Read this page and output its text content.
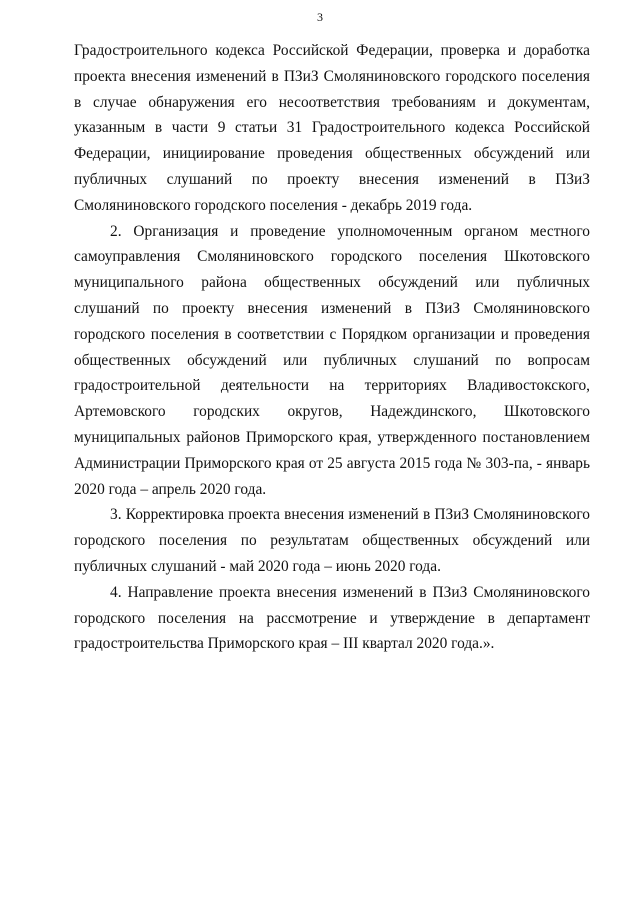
3

Градостроительного кодекса Российской Федерации, проверка и доработка проекта внесения изменений в ПЗиЗ Смоляниновского городского поселения в случае обнаружения его несоответствия требованиям и документам, указанным в части 9 статьи 31 Градостроительного кодекса Российской Федерации, инициирование проведения общественных обсуждений или публичных слушаний по проекту внесения изменений в ПЗиЗ Смоляниновского городского поселения - декабрь 2019 года.

2. Организация и проведение уполномоченным органом местного самоуправления Смоляниновского городского поселения Шкотовского муниципального района общественных обсуждений или публичных слушаний по проекту внесения изменений в ПЗиЗ Смоляниновского городского поселения в соответствии с Порядком организации и проведения общественных обсуждений или публичных слушаний по вопросам градостроительной деятельности на территориях Владивостокского, Артемовского городских округов, Надеждинского, Шкотовского муниципальных районов Приморского края, утвержденного постановлением Администрации Приморского края от 25 августа 2015 года № 303-па, - январь 2020 года – апрель 2020 года.

3. Корректировка проекта внесения изменений в ПЗиЗ Смоляниновского городского поселения по результатам общественных обсуждений или публичных слушаний - май 2020 года – июнь 2020 года.

4. Направление проекта внесения изменений в ПЗиЗ Смоляниновского городского поселения на рассмотрение и утверждение в департамент градостроительства Приморского края – III квартал 2020 года.».
